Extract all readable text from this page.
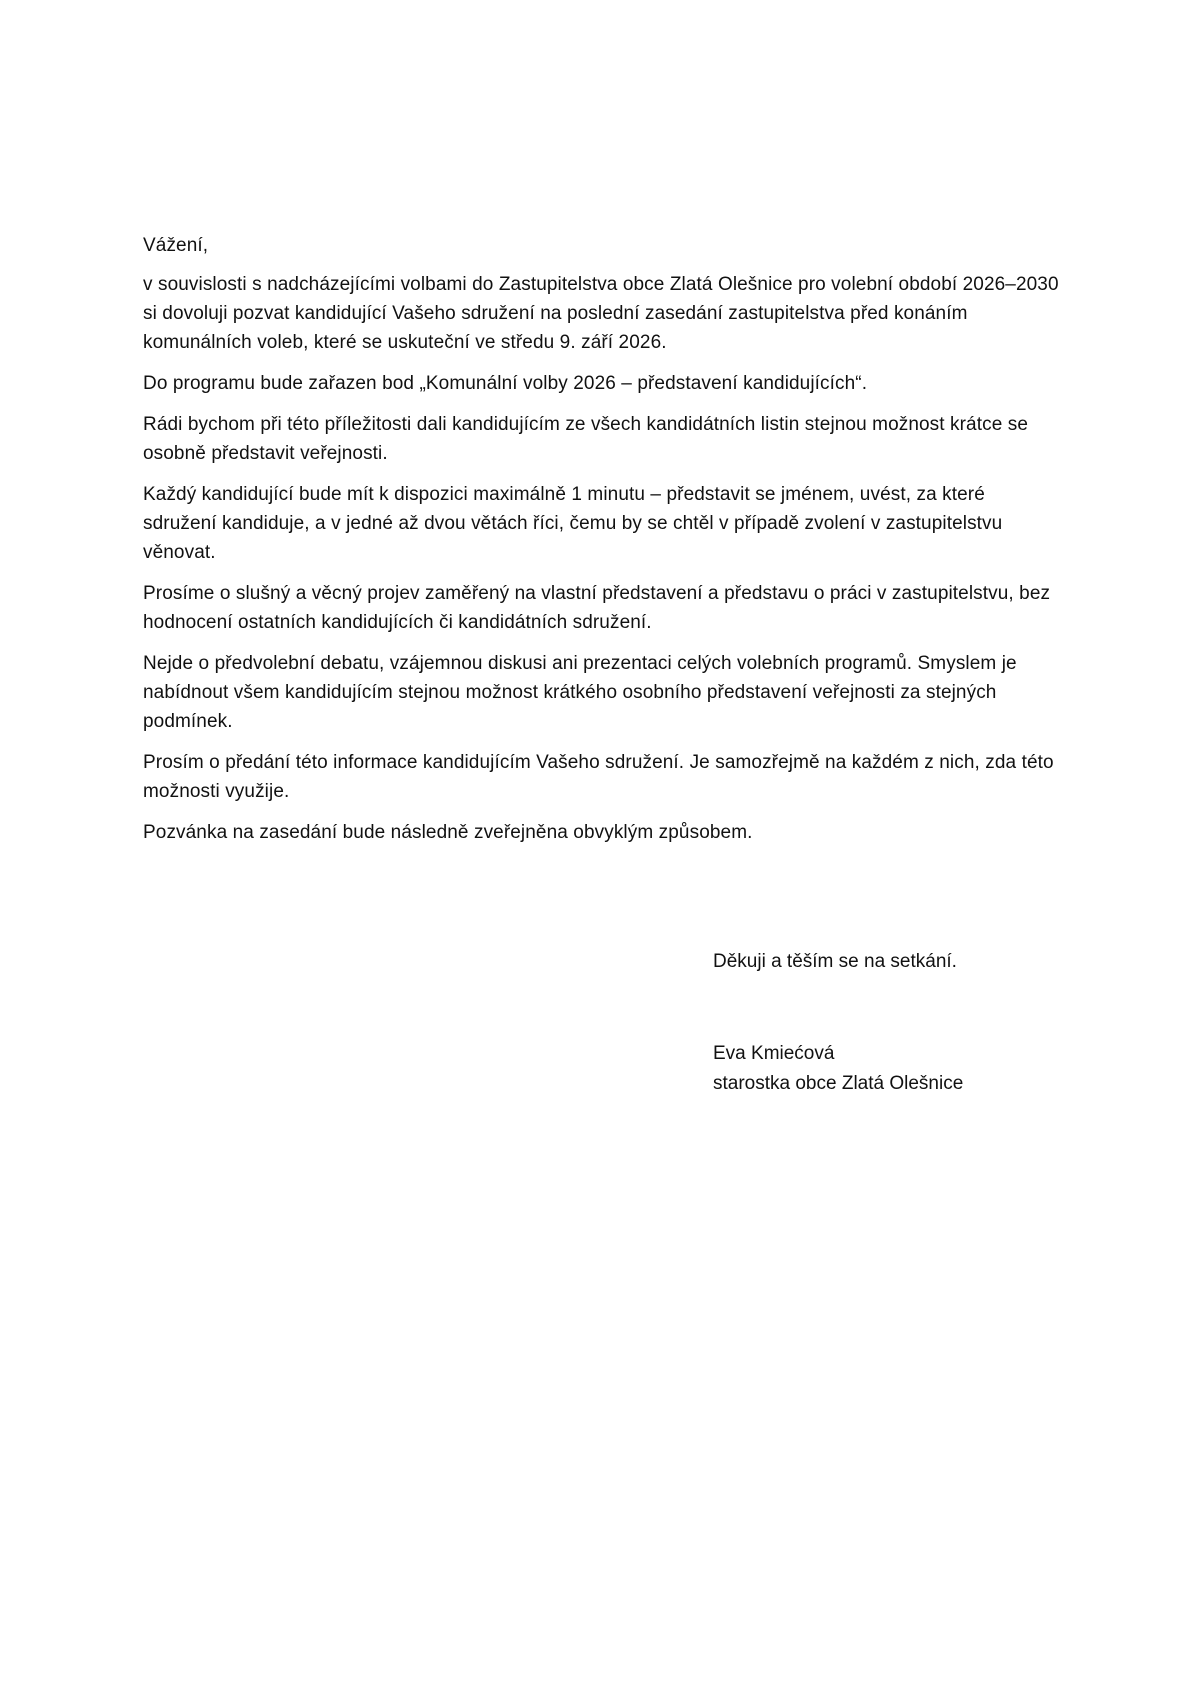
Vážení,

v souvislosti s nadcházejícími volbami do Zastupitelstva obce Zlatá Olešnice pro volební období 2026–2030 si dovoluji pozvat kandidující Vašeho sdružení na poslední zasedání zastupitelstva před konáním komunálních voleb, které se uskuteční ve středu 9. září 2026.

Do programu bude zařazen bod „Komunální volby 2026 – představení kandidujících“.

Rádi bychom při této příležitosti dali kandidujícím ze všech kandidátních listin stejnou možnost krátce se osobně představit veřejnosti.

Každý kandidující bude mít k dispozici maximálně 1 minutu – představit se jménem, uvést, za které sdružení kandiduje, a v jedné až dvou větách říci, čemu by se chtěl v případě zvolení v zastupitelstvu věnovat.

Prosíme o slušný a věcný projev zaměřený na vlastní představení a představu o práci v zastupitelstvu, bez hodnocení ostatních kandidujících či kandidátních sdružení.

Nejde o předvolební debatu, vzájemnou diskusi ani prezentaci celých volebních programů. Smyslem je nabídnout všem kandidujícím stejnou možnost krátkého osobního představení veřejnosti za stejných podmínek.

Prosím o předání této informace kandidujícím Vašeho sdružení. Je samozřejmě na každém z nich, zda této možnosti využije.

Pozvánka na zasedání bude následně zveřejněna obvyklým způsobem.

Děkuji a těším se na setkání.
Eva Kmiećová
starostka obce Zlatá Olešnice
